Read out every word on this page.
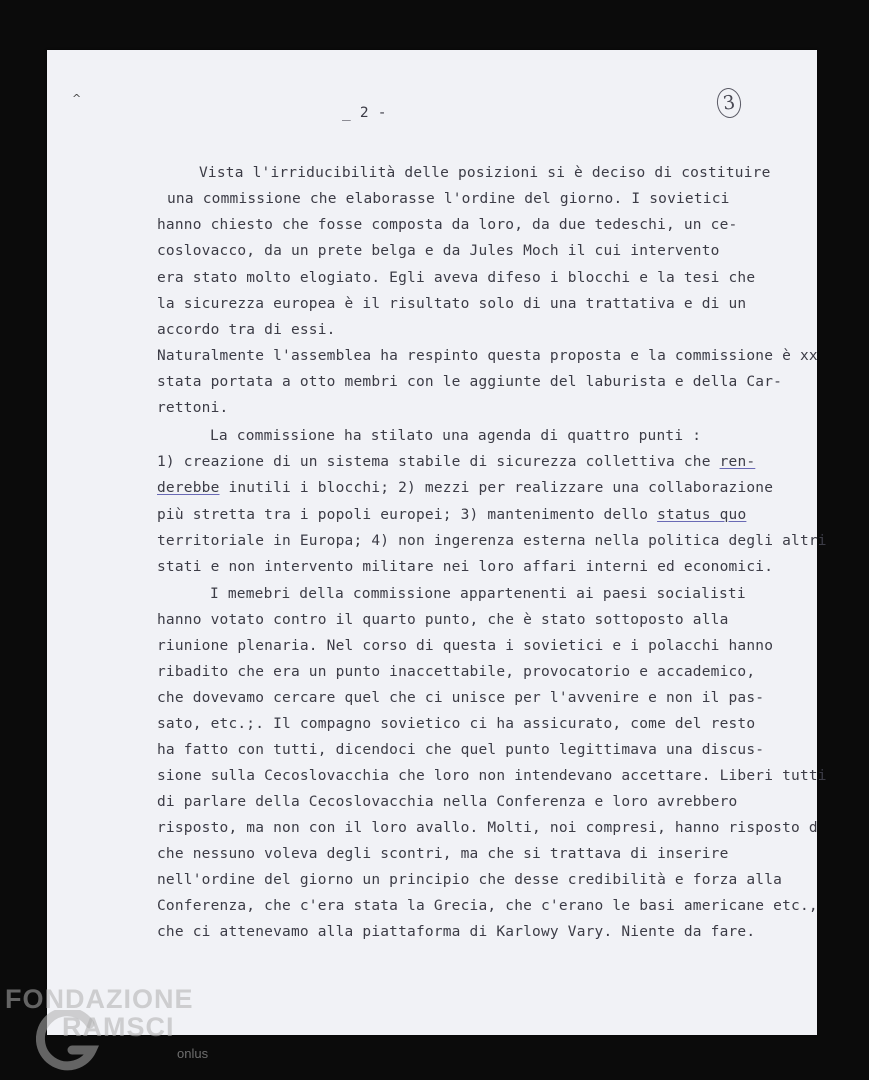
^
_ 2 -	3
Vista l'irriducibilità delle posizioni si è deciso di costituire
una commissione che elaborasse l'ordine del giorno. I sovietici
hanno chiesto che fosse composta da loro, da due tedeschi, un ce-
coslovacco, da un prete belga e da Jules Moch il cui intervento
era stato molto elogiato. Egli aveva difeso i blocchi e la tesi che
la sicurezza europea è il risultato solo di una trattativa e di un
accordo tra di essi.
Naturalmente l'assemblea ha respinto questa proposta e la commissione è xx
stata portata a otto membri con le aggiunte del laburista e della Car-
rettoni.
La commissione ha stilato una agenda di quattro punti :
1) creazione di un sistema stabile di sicurezza collettiva che ren-
derebbe inutili i blocchi; 2) mezzi per realizzare una collaborazione
più stretta tra i popoli europei; 3) mantenimento dello status quo
territoriale in Europa; 4) non ingerenza esterna nella politica degli altri
stati e non intervento militare nei loro affari interni ed economici.
I memebri della commissione appartenenti ai paesi socialisti
hanno votato contro il quarto punto, che è stato sottoposto alla
riunione plenaria. Nel corso di questa i sovietici e i polacchi hanno
ribadito che era un punto inaccettabile, provocatorio e accademico,
che dovevamo cercare quel che ci unisce per l'avvenire e non il pas-
sato, etc.;. Il compagno sovietico ci ha assicurato, come del resto
ha fatto con tutti, dicendoci che quel punto legittimava una discus-
sione sulla Cecoslovacchia che loro non intendevano accettare. Liberi tutti
di parlare della Cecoslovacchia nella Conferenza e loro avrebbero
risposto, ma non con il loro avallo. Molti, noi compresi, hanno risposto d
che nessuno voleva degli scontri, ma che si trattava di inserire
nell'ordine del giorno un principio che desse credibilità e forza alla
Conferenza, che c'era stata la Grecia, che c'erano le basi americane etc.,
che ci attenevamo alla piattaforma di Karlowy Vary. Niente da fare.
FONDAZIONE
RAMSCI
onlus
